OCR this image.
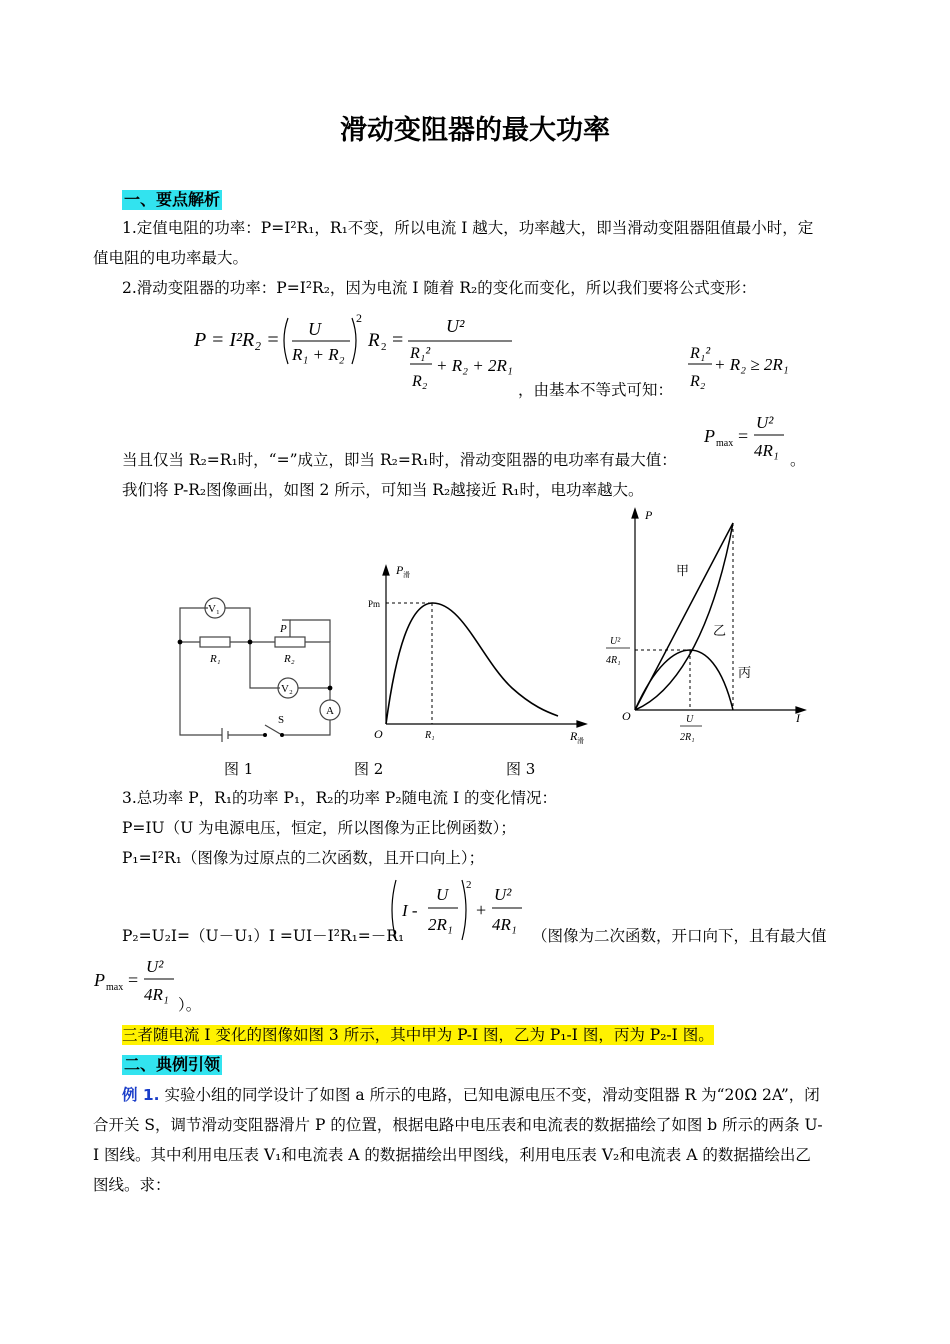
滑动变阻器的最大功率
一、要点解析
1.定值电阻的功率：P=I²R₁，R₁不变，所以电流 I 越大，功率越大，即当滑动变阻器阻值最小时，定
值电阻的电功率最大。
2.滑动变阻器的功率：P=I²R₂，因为电流 I 随着 R₂的变化而变化，所以我们要将公式变形：
P = I²R₂ = U
R₁ + R₂
2
R 2 =
U²
R₁²
R₂
+ R₂ + 2R₁
，由基本不等式可知：
R₁²
R₂
+ R₂ ≥ 2R₁
当且仅当 R₂=R₁时，“=”成立，即当 R₂=R₁时，滑动变阻器的电功率有最大值：
P max =
U²
4R₁ 。
我们将 P-R₂图像画出，如图 2 所示，可知当 R₂越接近 R₁时，电功率越大。
V₁
R₁
P
R₂
V₂
A
S
P 滑
R 滑
O
Pm
R₁
P
I
O
甲
乙
丙
U²
4R₁
U
2R₁
图 1	图 2	图 3
3.总功率 P，R₁的功率 P₁，R₂的功率 P₂随电流 I 的变化情况：
P=IU（U 为电源电压，恒定，所以图像为正比例函数）；
P₁=I²R₁（图像为过原点的二次函数，且开口向上）；
P₂=U₂I=（U－U₁）I =UI－I²R₁=－R₁
I -
U
2R₁
2
+
U²
4R₁
（图像为二次函数，开口向下，且有最大值
P max =
U²
4R₁
）。
三者随电流 I 变化的图像如图 3 所示，其中甲为 P-I 图，乙为 P₁-I 图，丙为 P₂-I 图。
二、典例引领
例 1. 实验小组的同学设计了如图 a 所示的电路，已知电源电压不变，滑动变阻器 R 为“20Ω 2A”，闭
合开关 S，调节滑动变阻器滑片 P 的位置，根据电路中电压表和电流表的数据描绘了如图 b 所示的两条 U-
I 图线。其中利用电压表 V₁和电流表 A 的数据描绘出甲图线，利用电压表 V₂和电流表 A 的数据描绘出乙
图线。求：
